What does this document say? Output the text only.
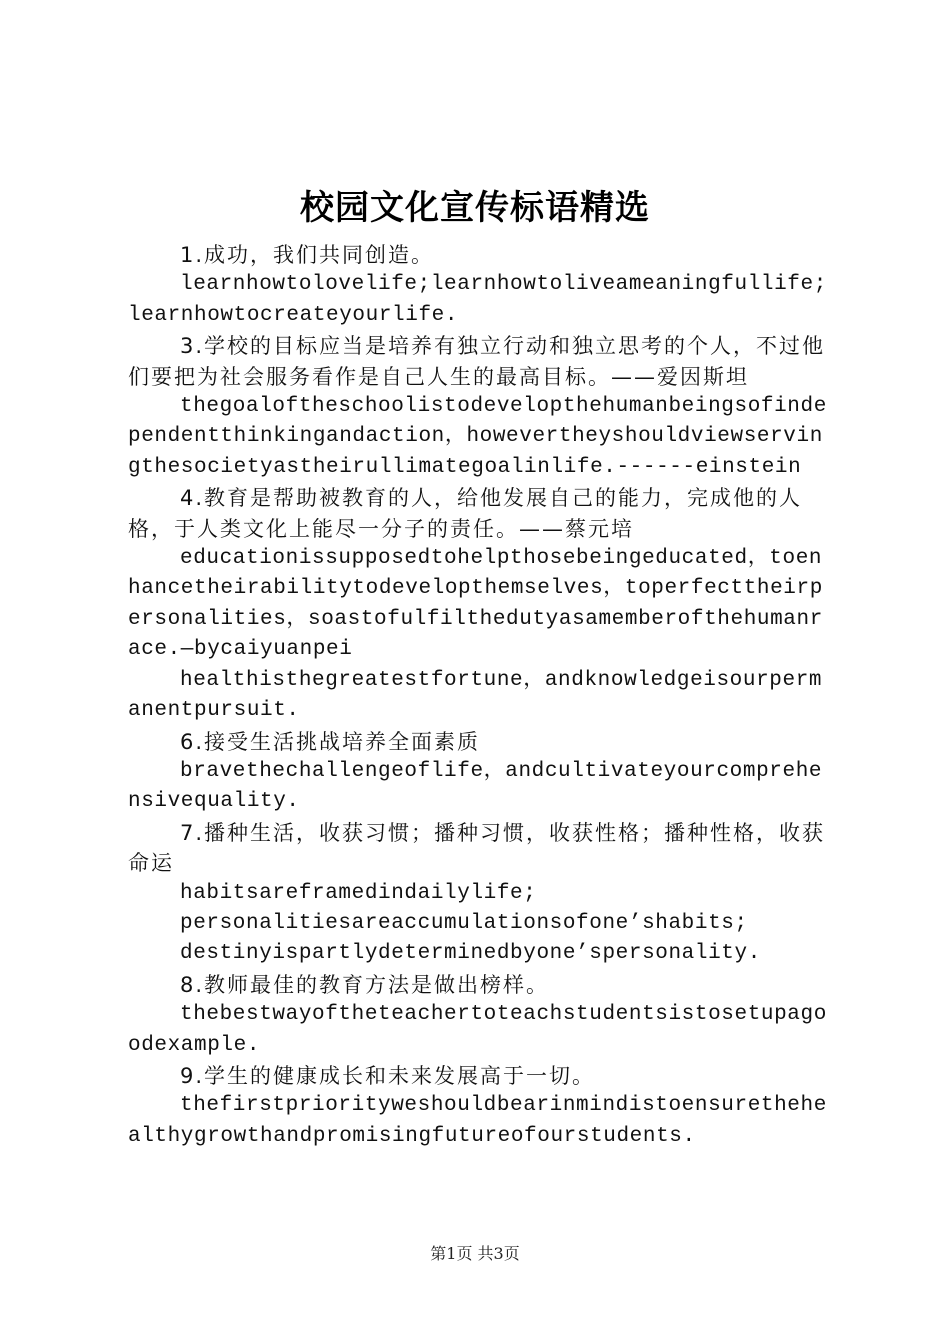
校园文化宣传标语精选

1.成功，我们共同创造。

learnhowtolovelife;learnhowtoliveameaningfullife;learnhowtocreateyourlife.

3.学校的目标应当是培养有独立行动和独立思考的个人，不过他们要把为社会服务看作是自己人生的最高目标。——爱因斯坦

thegoaloftheschoolistodevelopthehumanbeingsofindependentthinkingandaction，howevertheyshouldviewservingthesocietyastheirullimategoalinlife.------einstein

4.教育是帮助被教育的人，给他发展自己的能力，完成他的人格，于人类文化上能尽一分子的责任。——蔡元培

educationissupposedtohelpthosebeingeducated，toenhancetheirabilitytodevelopthemselves，toperfecttheirpersonalities，soastofulfilthedutyasamemberofthehumanrace.—bycaiyuanpei

healthisthegreatestfortune，andknowledgeisourpermanentpursuit.

6.接受生活挑战培养全面素质

bravethechallengeoflife，andcultivateyourcomprehensivequality.

7.播种生活，收获习惯；播种习惯，收获性格；播种性格，收获命运

habitsareframedindailylife;

personalitiesareaccumulationsofone’shabits;

destinyispartlydeterminedbyone’spersonality.

8.教师最佳的教育方法是做出榜样。

thebestwayoftheteachertoteachstudentsistosetupagoodexample.

9.学生的健康成长和未来发展高于一切。

thefirstpriorityweshouldbearinmindistoensurethehealthygrowthandpromisingfutureofourstudents.

第1页 共3页
